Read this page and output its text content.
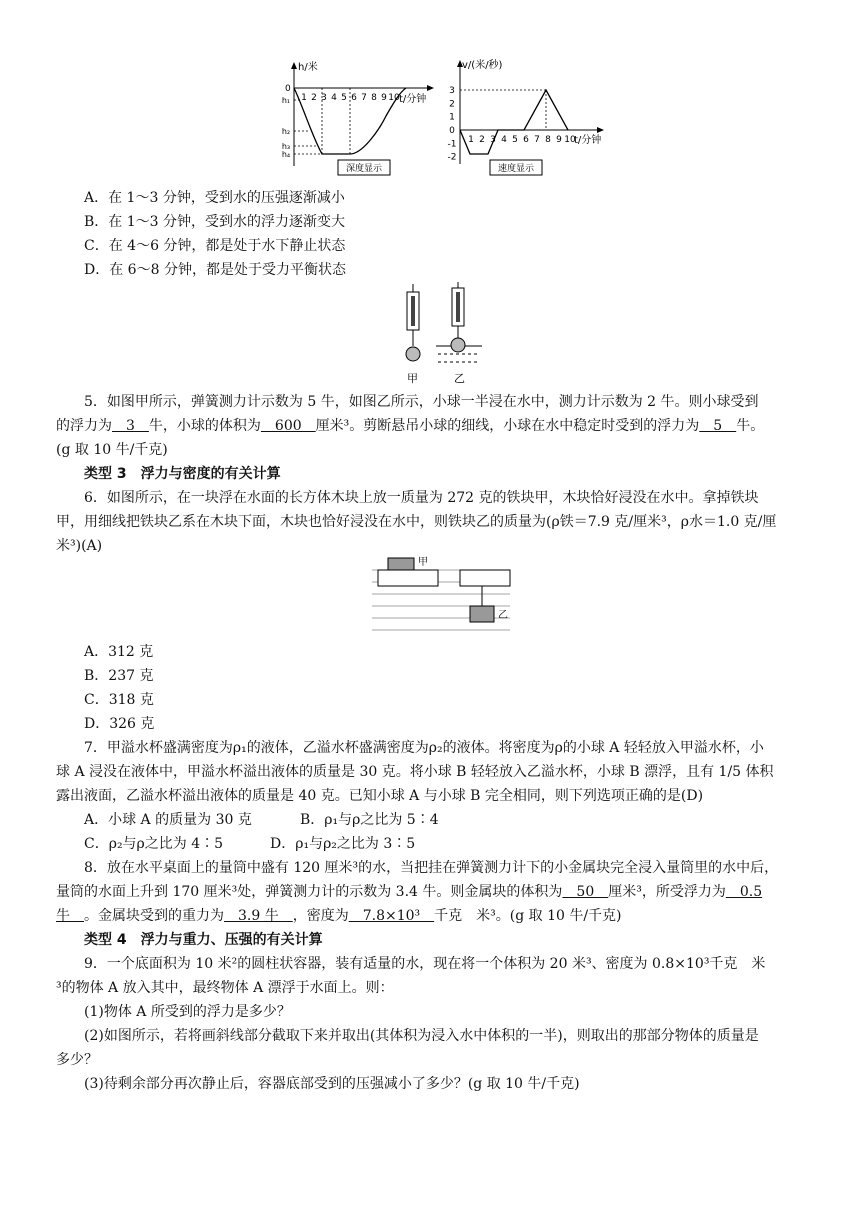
h/米
t/分钟
0
1 2 3 4 5 6 7 8 9 10
h₁
h₂
h₃
h₄
深度显示
v/(米/秒)
t/分钟
1 2 3 4 5 6 7 8 9 10
3
2
1
0
-1
-2
速度显示
A．在 1～3 分钟，受到水的压强逐渐减小
B．在 1～3 分钟，受到水的浮力逐渐变大
C．在 4～6 分钟，都是处于水下静止状态
D．在 6～8 分钟，都是处于受力平衡状态
甲	乙
5．如图甲所示，弹簧测力计示数为 5 牛，如图乙所示，小球一半浸在水中，测力计示数为 2 牛。则小球受到
的浮力为　3　牛，小球的体积为　600　厘米³。剪断悬吊小球的细线，小球在水中稳定时受到的浮力为　5　牛。
(g 取 10 牛/千克)
类型 3　浮力与密度的有关计算
6．如图所示，在一块浮在水面的长方体木块上放一质量为 272 克的铁块甲，木块恰好浸没在水中。拿掉铁块
甲，用细线把铁块乙系在木块下面，木块也恰好浸没在水中，则铁块乙的质量为(ρ铁＝7.9 克/厘米³，ρ水＝1.0 克/厘
米³)(A)
甲
乙
A．312 克
B．237 克
C．318 克
D．326 克
7．甲溢水杯盛满密度为ρ₁的液体，乙溢水杯盛满密度为ρ₂的液体。将密度为ρ的小球 A 轻轻放入甲溢水杯，小
球 A 浸没在液体中，甲溢水杯溢出液体的质量是 30 克。将小球 B 轻轻放入乙溢水杯，小球 B 漂浮，且有 1/5 体积
露出液面，乙溢水杯溢出液体的质量是 40 克。已知小球 A 与小球 B 完全相同，则下列选项正确的是(D)
A．小球 A 的质量为 30 克	B．ρ₁与ρ之比为 5∶4
C．ρ₂与ρ之比为 4∶5	D．ρ₁与ρ₂之比为 3∶5
8．放在水平桌面上的量筒中盛有 120 厘米³的水，当把挂在弹簧测力计下的小金属块完全浸入量筒里的水中后，
量筒的水面上升到 170 厘米³处，弹簧测力计的示数为 3.4 牛。则金属块的体积为　50　厘米³，所受浮力为　0.5
牛　。金属块受到的重力为　3.9 牛　，密度为　7.8×10³　千克　米³。(g 取 10 牛/千克)
类型 4　浮力与重力、压强的有关计算
9．一个底面积为 10 米²的圆柱状容器，装有适量的水，现在将一个体积为 20 米³、密度为 0.8×10³千克　米
³的物体 A 放入其中，最终物体 A 漂浮于水面上。则：
(1)物体 A 所受到的浮力是多少？
(2)如图所示，若将画斜线部分截取下来并取出(其体积为浸入水中体积的一半)，则取出的那部分物体的质量是
多少？
(3)待剩余部分再次静止后，容器底部受到的压强减小了多少？(g 取 10 牛/千克)
